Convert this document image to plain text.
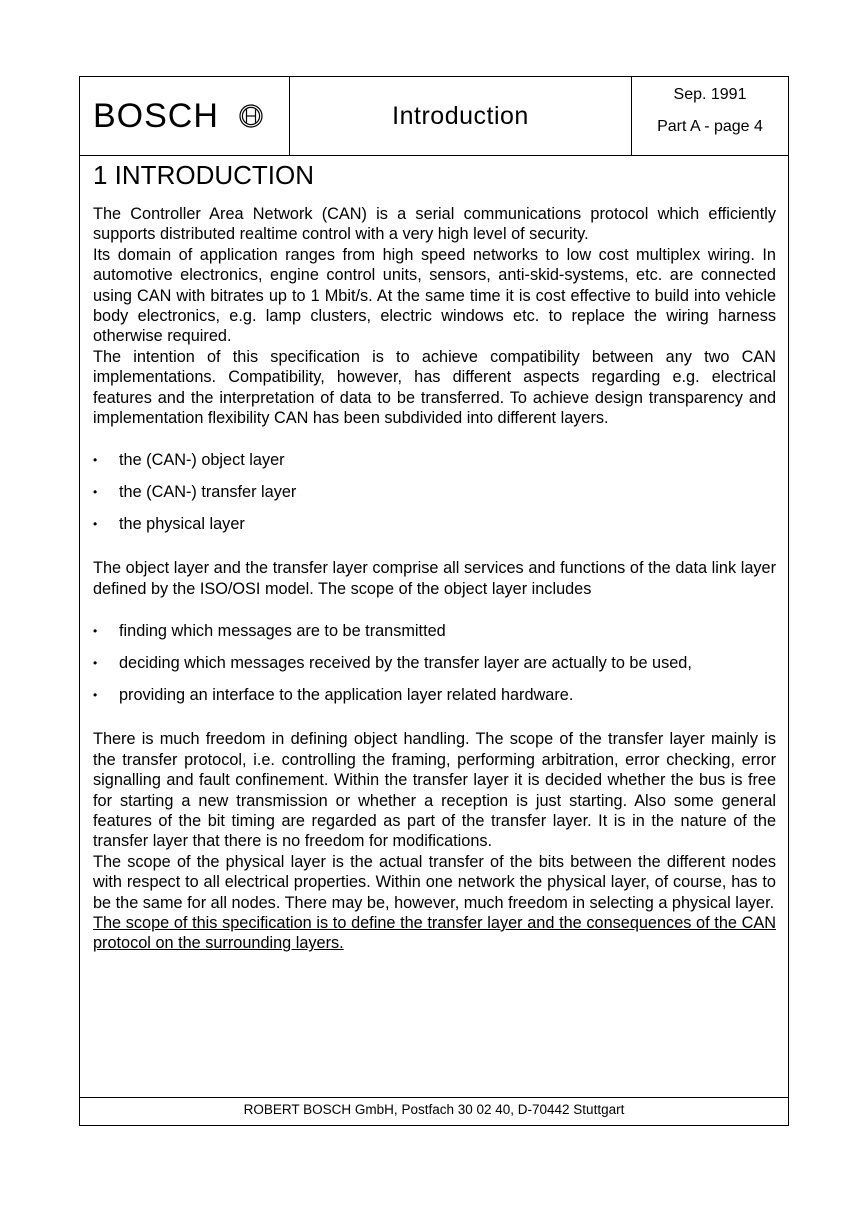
BOSCH	Introduction
Sep. 1991
Part A - page 4
1 INTRODUCTION

The Controller Area Network (CAN) is a serial communications protocol which efficiently supports distributed realtime control with a very high level of security.

Its domain of application ranges from high speed networks to low cost multiplex wiring. In automotive electronics, engine control units, sensors, anti-skid-systems, etc. are connected using CAN with bitrates up to 1 Mbit/s. At the same time it is cost effective to build into vehicle body electronics, e.g. lamp clusters, electric windows etc. to replace the wiring harness otherwise required.

The intention of this specification is to achieve compatibility between any two CAN implementations. Compatibility, however, has different aspects regarding e.g. electrical features and the interpretation of data to be transferred. To achieve design transparency and implementation flexibility CAN has been subdivided into different layers.

• the (CAN-) object layer
• the (CAN-) transfer layer
• the physical layer

The object layer and the transfer layer comprise all services and functions of the data link layer defined by the ISO/OSI model. The scope of the object layer includes

• finding which messages are to be transmitted
• deciding which messages received by the transfer layer are actually to be used,
• providing an interface to the application layer related hardware.

There is much freedom in defining object handling. The scope of the transfer layer mainly is the transfer protocol, i.e. controlling the framing, performing arbitration, error checking, error signalling and fault confinement. Within the transfer layer it is decided whether the bus is free for starting a new transmission or whether a reception is just starting. Also some general features of the bit timing are regarded as part of the transfer layer. It is in the nature of the transfer layer that there is no freedom for modifications.

The scope of the physical layer is the actual transfer of the bits between the different nodes with respect to all electrical properties. Within one network the physical layer, of course, has to be the same for all nodes. There may be, however, much freedom in selecting a physical layer.

The scope of this specification is to define the transfer layer and the consequences of the CAN protocol on the surrounding layers.

ROBERT BOSCH GmbH, Postfach 30 02 40, D-70442 Stuttgart
